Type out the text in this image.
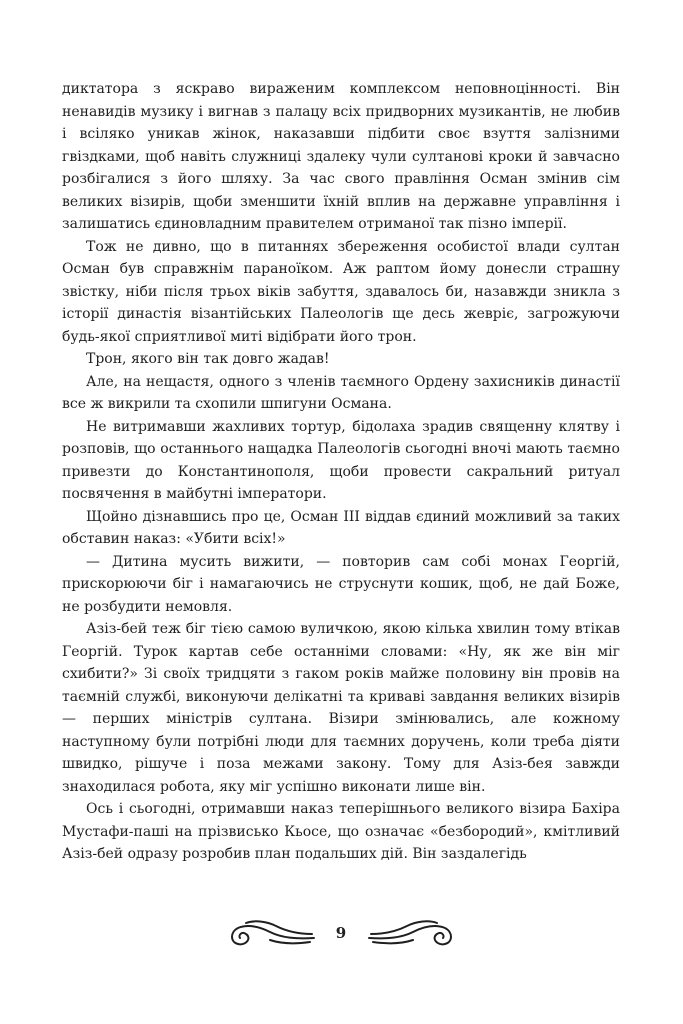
диктатора з яскраво вираженим комплексом неповноцінності. Він ненавидів музику і вигнав з палацу всіх придворних музикантів, не любив і всіляко уникав жінок, наказавши підбити своє взуття залізними гвіздками, щоб навіть служниці здалеку чули султанові кроки й завчасно розбігалися з його шляху. За час свого правління Осман змінив сім великих візирів, щоби зменшити їхній вплив на державне управління і залишатись єдиновладним правителем отриманої так пізно імперії.

Тож не дивно, що в питаннях збереження особистої влади султан Осман був справжнім параноїком. Аж раптом йому донесли страшну звістку, ніби після трьох віків забуття, здавалось би, назавжди зникла з історії династія візантійських Палеологів ще десь жевріє, загрожуючи будь-якої сприятливої миті відібрати його трон.

Трон, якого він так довго жадав!

Але, на нещастя, одного з членів таємного Ордену захисників династії все ж викрили та схопили шпигуни Османа.

Не витримавши жахливих тортур, бідолаха зрадив священну клятву і розповів, що останнього нащадка Палеологів сьогодні вночі мають таємно привезти до Константинополя, щоби провести сакральний ритуал посвячення в майбутні імператори.

Щойно дізнавшись про це, Осман ІІІ віддав єдиний можливий за таких обставин наказ: «Убити всіх!»

— Дитина мусить вижити, — повторив сам собі монах Георгій, прискорюючи біг і намагаючись не струснути кошик, щоб, не дай Боже, не розбудити немовля.

Азіз-бей теж біг тією самою вуличкою, якою кілька хвилин тому втікав Георгій. Турок картав себе останніми словами: «Ну, як же він міг схибити?» Зі своїх тридцяти з гаком років майже половину він провів на таємній службі, виконуючи делікатні та криваві завдання великих візирів — перших міністрів султана. Візири змінювались, але кожному наступному були потрібні люди для таємних доручень, коли треба діяти швидко, рішуче і поза межами закону. Тому для Азіз-бея завжди знаходилася робота, яку міг успішно виконати лише він.

Ось і сьогодні, отримавши наказ теперішнього великого візира Бахіра Мустафи-паші на прізвисько Кьосе, що означає «безбородий», кмітливий Азіз-бей одразу розробив план подальших дій. Він заздалегідь

9
